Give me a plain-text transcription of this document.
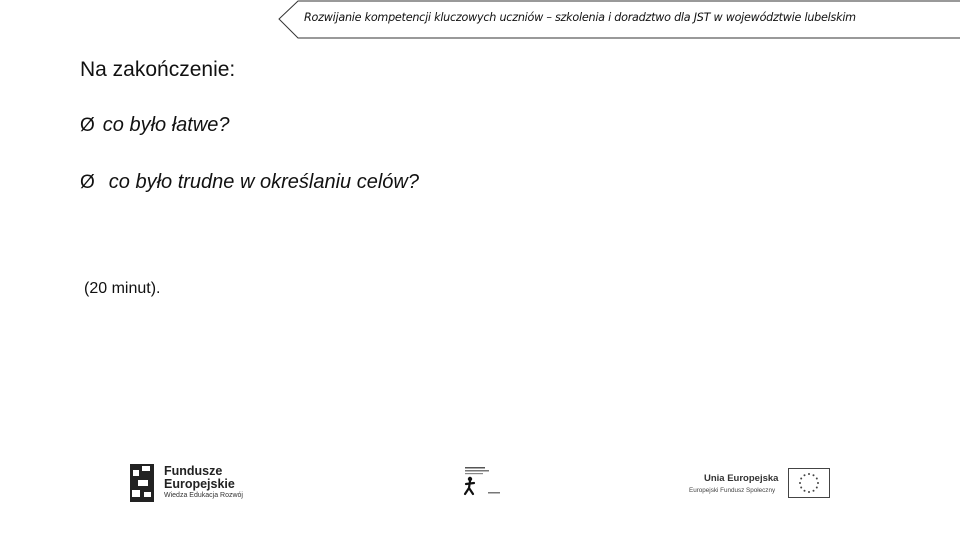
Rozwijanie kompetencji kluczowych uczniów – szkolenia i doradztwo dla JST w województwie lubelskim
Na zakończenie:
Ø co było łatwe?
Ø co było trudne w określaniu celów?
(20 minut).
Fundusze Europejskie
Wiedza Edukacja Rozwój
Unia Europejska
Europejski Fundusz Społeczny
